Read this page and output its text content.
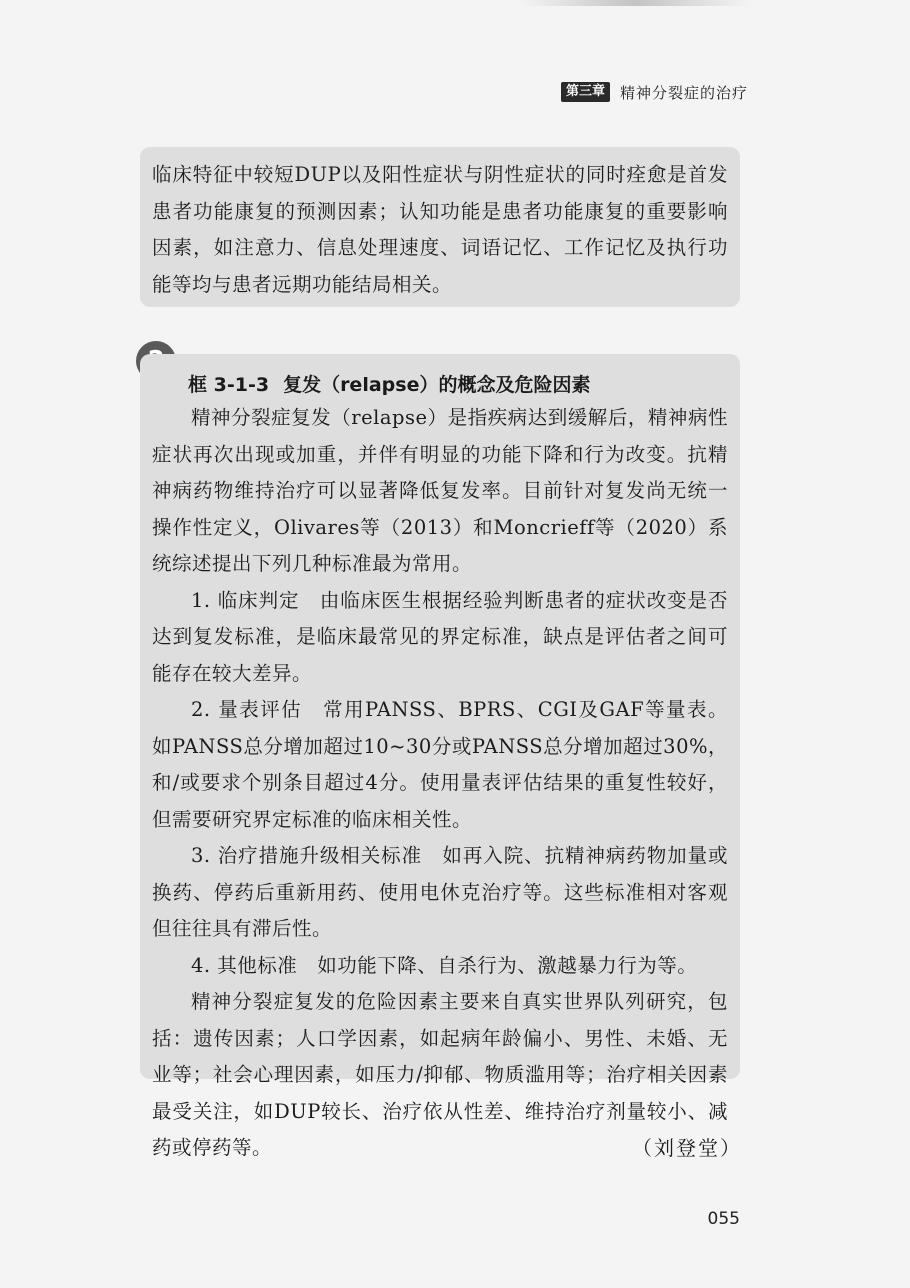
第三章	精神分裂症的治疗

临床特征中较短DUP以及阳性症状与阴性症状的同时痊愈是首发患者功能康复的预测因素；认知功能是患者功能康复的重要影响因素，如注意力、信息处理速度、词语记忆、工作记忆及执行功能等均与患者远期功能结局相关。

框 3-1-3 复发（relapse）的概念及危险因素

精神分裂症复发（relapse）是指疾病达到缓解后，精神病性症状再次出现或加重，并伴有明显的功能下降和行为改变。抗精神病药物维持治疗可以显著降低复发率。目前针对复发尚无统一操作性定义，Olivares等（2013）和Moncrieff等（2020）系统综述提出下列几种标准最为常用。

1. 临床判定　由临床医生根据经验判断患者的症状改变是否达到复发标准，是临床最常见的界定标准，缺点是评估者之间可能存在较大差异。

2. 量表评估　常用PANSS、BPRS、CGI及GAF等量表。如PANSS总分增加超过10~30分或PANSS总分增加超过30%，和/或要求个别条目超过4分。使用量表评估结果的重复性较好，但需要研究界定标准的临床相关性。

3. 治疗措施升级相关标准　如再入院、抗精神病药物加量或换药、停药后重新用药、使用电休克治疗等。这些标准相对客观但往往具有滞后性。

4. 其他标准　如功能下降、自杀行为、激越暴力行为等。

精神分裂症复发的危险因素主要来自真实世界队列研究，包括：遗传因素；人口学因素，如起病年龄偏小、男性、未婚、无业等；社会心理因素，如压力/抑郁、物质滥用等；治疗相关因素最受关注，如DUP较长、治疗依从性差、维持治疗剂量较小、减药或停药等。	（刘登堂）
055
